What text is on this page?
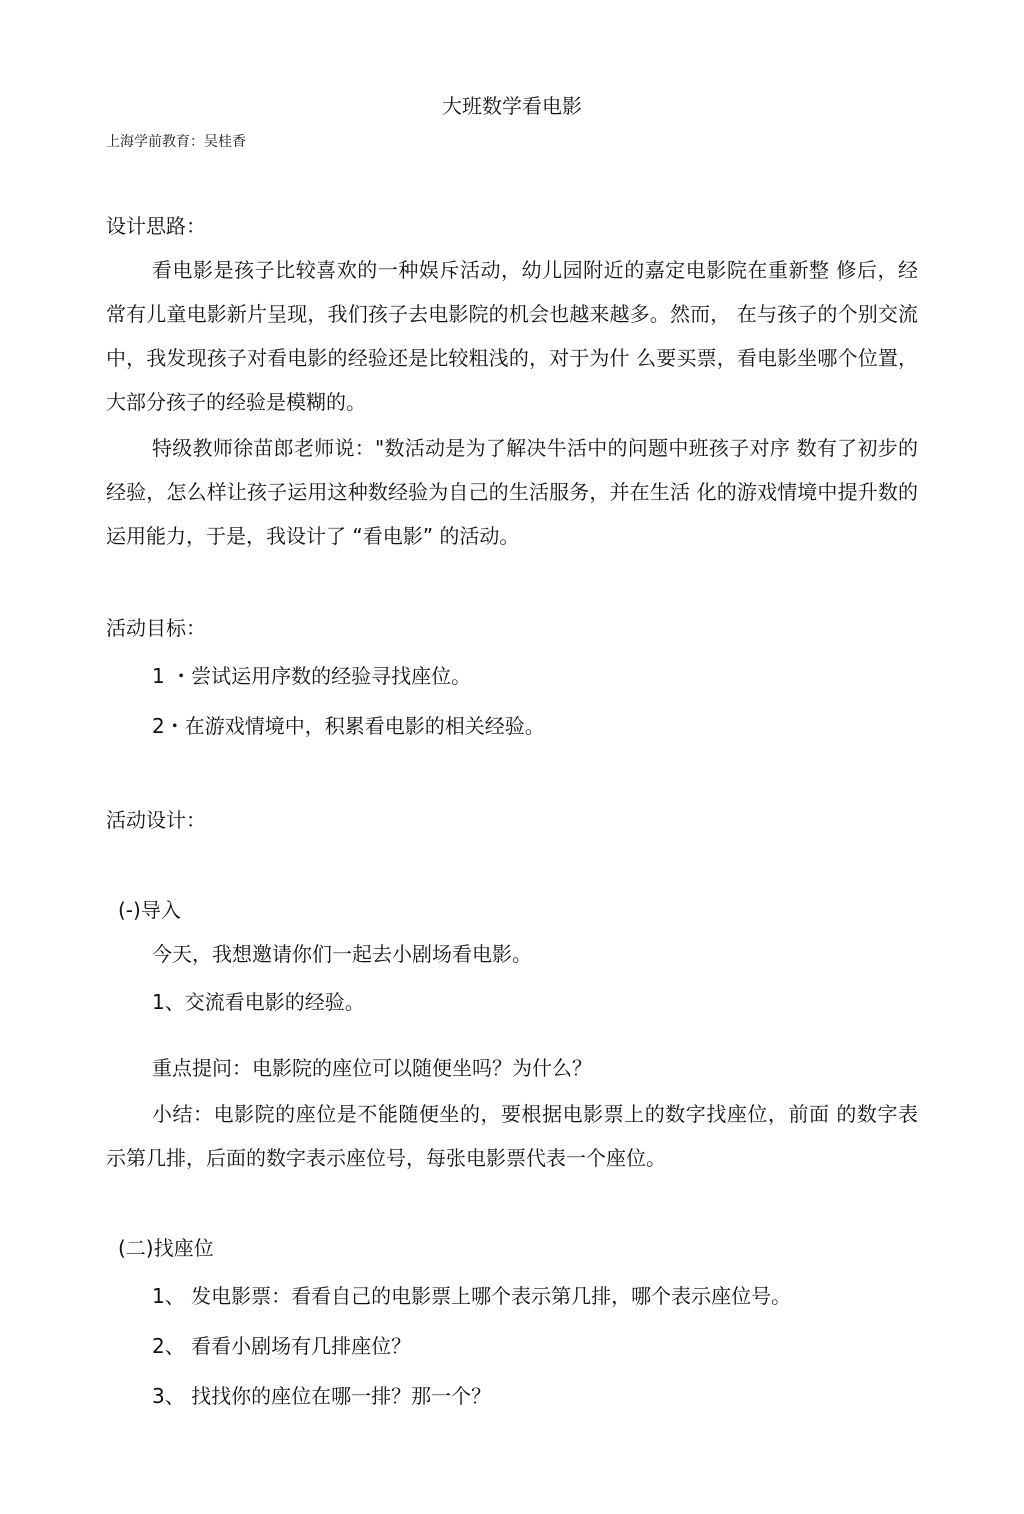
大班数学看电影

上海学前教育：吴桂香

设计思路：

看电影是孩子比较喜欢的一种娱斥活动，幼儿园附近的嘉定电影院在重新整 修后，经常有儿童电影新片呈现，我们孩子去电影院的机会也越来越多。然而， 在与孩子的个别交流中，我发现孩子对看电影的经验还是比较粗浅的，对于为什 么要买票，看电影坐哪个位置，大部分孩子的经验是模糊的。

特级教师徐苗郎老师说："数活动是为了解决牛活中的问题中班孩子对序 数有了初步的经验，怎么样让孩子运用这种数经验为自己的生活服务，并在生活 化的游戏情境中提升数的运用能力，于是，我设计了 “看电影” 的活动。

活动目标：

1 ・尝试运用序数的经验寻找座位。

2・在游戏情境中，积累看电影的相关经验。

活动设计：

(-)导入

今天，我想邀请你们一起去小剧场看电影。

1、交流看电影的经验。

重点提问：电影院的座位可以随便坐吗？为什么？

小结：电影院的座位是不能随便坐的，要根据电影票上的数字找座位，前面 的数字表示第几排，后面的数字表示座位号，每张电影票代表一个座位。

(二)找座位

1、 发电影票：看看自己的电影票上哪个表示第几排，哪个表示座位号。

2、 看看小剧场有几排座位？

3、 找找你的座位在哪一排？那一个？
